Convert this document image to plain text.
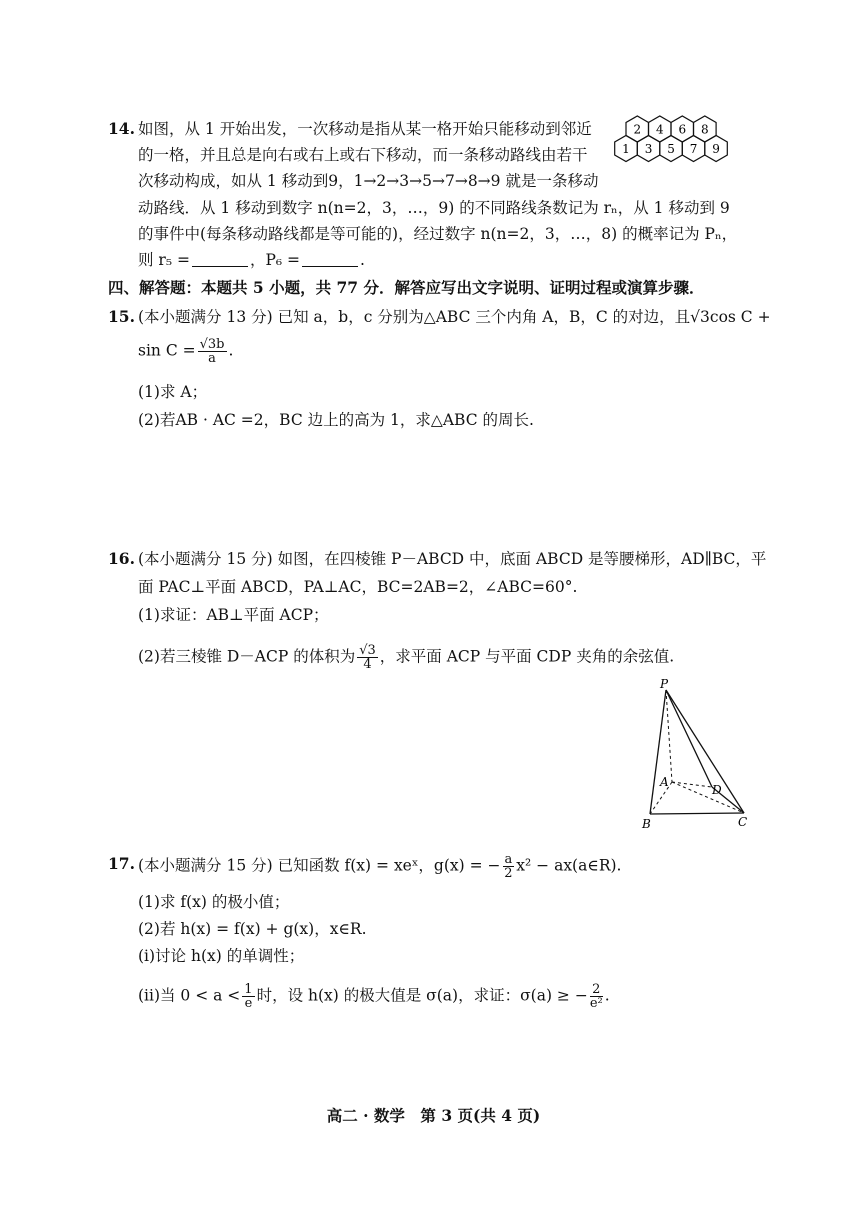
14. 如图，从 1 开始出发，一次移动是指从某一格开始只能移动到邻近
的一格，并且总是向右或右上或右下移动，而一条移动路线由若干
次移动构成，如从 1 移动到9，1→2→3→5→7→8→9 就是一条移动
动路线．从 1 移动到数字 n(n=2，3，…，9) 的不同路线条数记为 rₙ，从 1 移动到 9
的事件中(每条移动路线都是等可能的)，经过数字 n(n=2，3，…，8) 的概率记为 Pₙ，
则 r₅ =	，P₆ =	.
1 3 5 7 9
2 4 6 8
四、解答题：本题共 5 小题，共 77 分．解答应写出文字说明、证明过程或演算步骤．
15. (本小题满分 13 分) 已知 a，b，c 分别为△ABC 三个内角 A，B，C 的对边，且√3cos C +
$\sin C = \frac{√3b}{a}$ .
(1)求 A；
(2)若AB · AC =2，BC 边上的高为 1，求△ABC 的周长.
16. (本小题满分 15 分) 如图，在四棱锥 P－ABCD 中，底面 ABCD 是等腰梯形，AD∥BC，平
面 PAC⊥平面 ABCD，PA⊥AC，BC=2AB=2，∠ABC=60°.
(1)求证：AB⊥平面 ACP；
(2)若三棱锥 D－ACP 的体积为 $\frac{√3}{4}$ ，求平面 ACP 与平面 CDP 夹角的余弦值.
P
A
D
B	C
17. (本小题满分 15 分) 已知函数 f(x) = xeˣ，g(x) = − $\frac{a}{2} x^2$ − ax(a∈R).
(1)求 f(x) 的极小值；
(2)若 h(x) = f(x) + g(x)，x∈R.
(i)讨论 h(x) 的单调性；
(ii)当 $0 < a < \frac{1}{e}$ 时，设 h(x) 的极大值是 σ(a)，求证：σ(a) ≥ − $\frac{2}{\text{e²}}$ .
高二 · 数学　第 3 页(共 4 页)
